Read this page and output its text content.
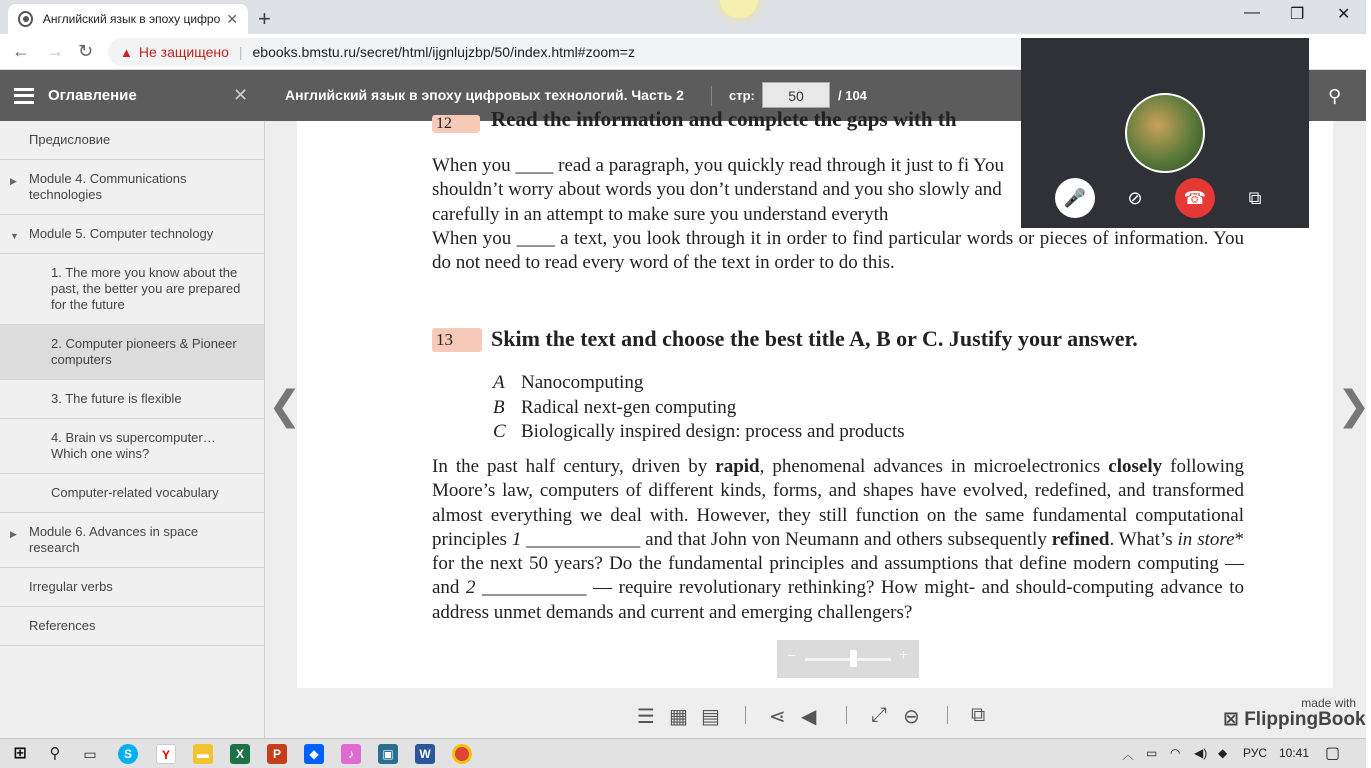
Английский язык в эпоху цифро ✕ +	— ❐ ✕
← → ↻ ▲ Не защищено | ebooks.bmstu.ru/secret/html/ijgnlujzbp/50/index.html#zoom=z
🎤	⊘	☎	⧉
Оглавление	✕	Английский язык в эпоху цифровых технологий. Часть 2	стр:	50	/ 104	⚲
Предисловие
▶ Module 4. Communications technologies
▼ Module 5. Computer technology
1. The more you know about the past, the better you are prepared for the future
2. Computer pioneers & Pioneer computers
3. The future is flexible
4. Brain vs supercomputer… Which one wins?
Computer-related vocabulary
▶ Module 6. Advances in space research
Irregular verbs
References
12	Read the information and complete the gaps with th
When you ____ read a paragraph, you quickly read through it just to fi You shouldn’t worry about words you don’t understand and you sho slowly and carefully in an attempt to make sure you understand everyth
When you ____ a text, you look through it in order to find particular words or pieces of information. You do not need to read every word of the text in order to do this.
13	Skim the text and choose the best title A, B or C. Justify your answer.
A Nanocomputing
B Radical next-gen computing
C Biologically inspired design: process and products
In the past half century, driven by rapid, phenomenal advances in microelectronics closely following Moore’s law, computers of different kinds, forms, and shapes have evolved, redefined, and transformed almost everything we deal with. However, they still function on the same fundamental computational principles 1 ____________ and that John von Neumann and others subsequently refined. What’s in store* for the next 50 years? Do the fundamental principles and assumptions that define modern computing — and 2 ___________ — require revolutionary rethinking? How might- and should-computing advance to address unmet demands and current and emerging challengers?
−	+
❮	❯
☰ ▦ ▤ ⋖ ◀	⤢ ⊖	⧉
made with
⊠ FlippingBook
⊞	⚲	▭	S	Y	▬	X	P	◆	♪	▣	W	︿ ▭ ◠ ◀) ◆ РУС 10:41 ▢
